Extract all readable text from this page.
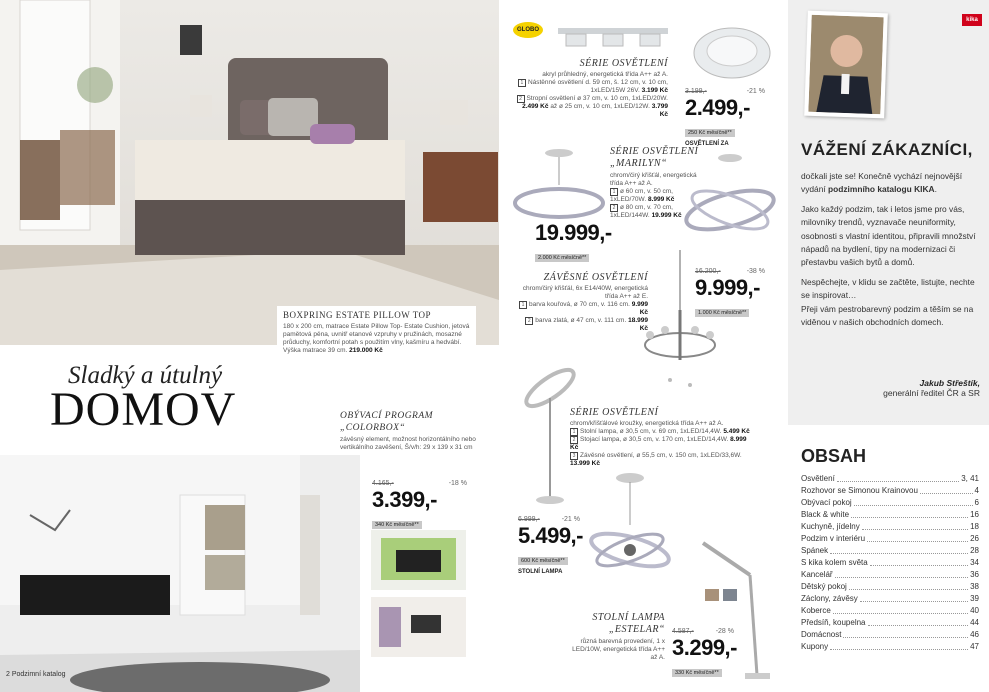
BOXPRING ESTATE PILLOW TOP
180 x 200 cm, matrace Estate Pillow Top- Estate Cushion, jetová pamětová pěna, uvnitř etanové vzpruhy v pružinách, mosazné průduchy, komfortní potah s použitím vlny, kašmíru a hedvábí. Výška matrace 39 cm. 219.000 Kč
Sladký a útulný
DOMOV	OBÝVACÍ PROGRAM „COLORBOX“
závěsný element, možnost horizontálního nebo vertikálního zavěšení, Š/v/h: 29 x 139 x 31 cm
4.165,-	-18 %
3.399,-
340 Kč měsíčně**
2 Podzimní katalog
GLOBO
SÉRIE OSVĚTLENÍ
akryl průhledný, energetická třída A++ až A.
1 Nástěnné osvětlení d. 59 cm, š. 12 cm, v. 10 cm, 1xLED/15W 26V. 3.199 Kč
2 Stropní osvětlení ø 37 cm, v. 10 cm, 1xLED/20W. 2.499 Kč až ø 25 cm, v. 10 cm, 1xLED/12W. 3.799 Kč
3.199,-	-21 %
2.499,-
250 Kč měsíčně**
OSVĚTLENÍ ZA
SÉRIE OSVĚTLENÍ „MARILYN“
chrom/čirý křišťál, energetická třída A++ až A.
1 ø 60 cm, v. 50 cm, 1xLED/70W. 8.999 Kč
2 ø 80 cm, v. 70 cm, 1xLED/144W. 19.999 Kč
19.999,-
2.000 Kč měsíčně**
ZÁVĚSNÉ OSVĚTLENÍ
chrom/čirý křišťál, 6x E14/40W, energetická třída A++ až E.
1 barva kouřová, ø 70 cm, v. 116 cm. 9.999 Kč
2 barva zlatá, ø 47 cm, v. 111 cm. 18.999 Kč
16.200,-	-38 %
9.999,-
1.000 Kč měsíčně**
SÉRIE OSVĚTLENÍ
chrom/křišťálové kroužky, energetická třída A++ až A.
1 Stolní lampa, ø 30,5 cm, v. 69 cm, 1xLED/14,4W. 5.499 Kč
2 Stojací lampa, ø 30,5 cm, v. 170 cm, 1xLED/14,4W. 8.999 Kč
3 Závěsné osvětlení, ø 55,5 cm, v. 150 cm, 1xLED/33,6W. 13.999 Kč
6.999,-	-21 %
5.499,-
600 Kč měsíčně**
STOLNÍ LAMPA
STOLNÍ LAMPA „ESTELAR“
různá barevná provedení, 1 x LED/10W, energetická třída A++ až A.

4.587,-	-28 %
3.299,-
330 Kč měsíčně**
kika
VÁŽENÍ ZÁKAZNÍCI,

dočkali jste se! Konečně vychází nejnovější vydání podzimního katalogu KIKA.

Jako každý podzim, tak i letos jsme pro vás, milovníky trendů, vyznavače neuniformity, osobnosti s vlastní identitou, připravili množství nápadů na bydlení, tipy na modernizaci či přestavbu vašich bytů a domů.

Nespěchejte, v klidu se začtěte, listujte, nechte se inspirovat…

Přeji vám pestrobarevný podzim a těším se na viděnou v našich obchodních domech.

Jakub Střeštík,
generální ředitel ČR a SR
OBSAH
Osvětlení	3, 41
Rozhovor se Simonou Krainovou	4
Obývací pokoj	6
Black & white	16
Kuchyně, jídelny	18
Podzim v interiéru	26
Spánek	28
S kika kolem světa	34
Kancelář	36
Dětský pokoj	38
Záclony, závěsy	39
Koberce	40
Předsíň, koupelna	44
Domácnost	46
Kupony	47
